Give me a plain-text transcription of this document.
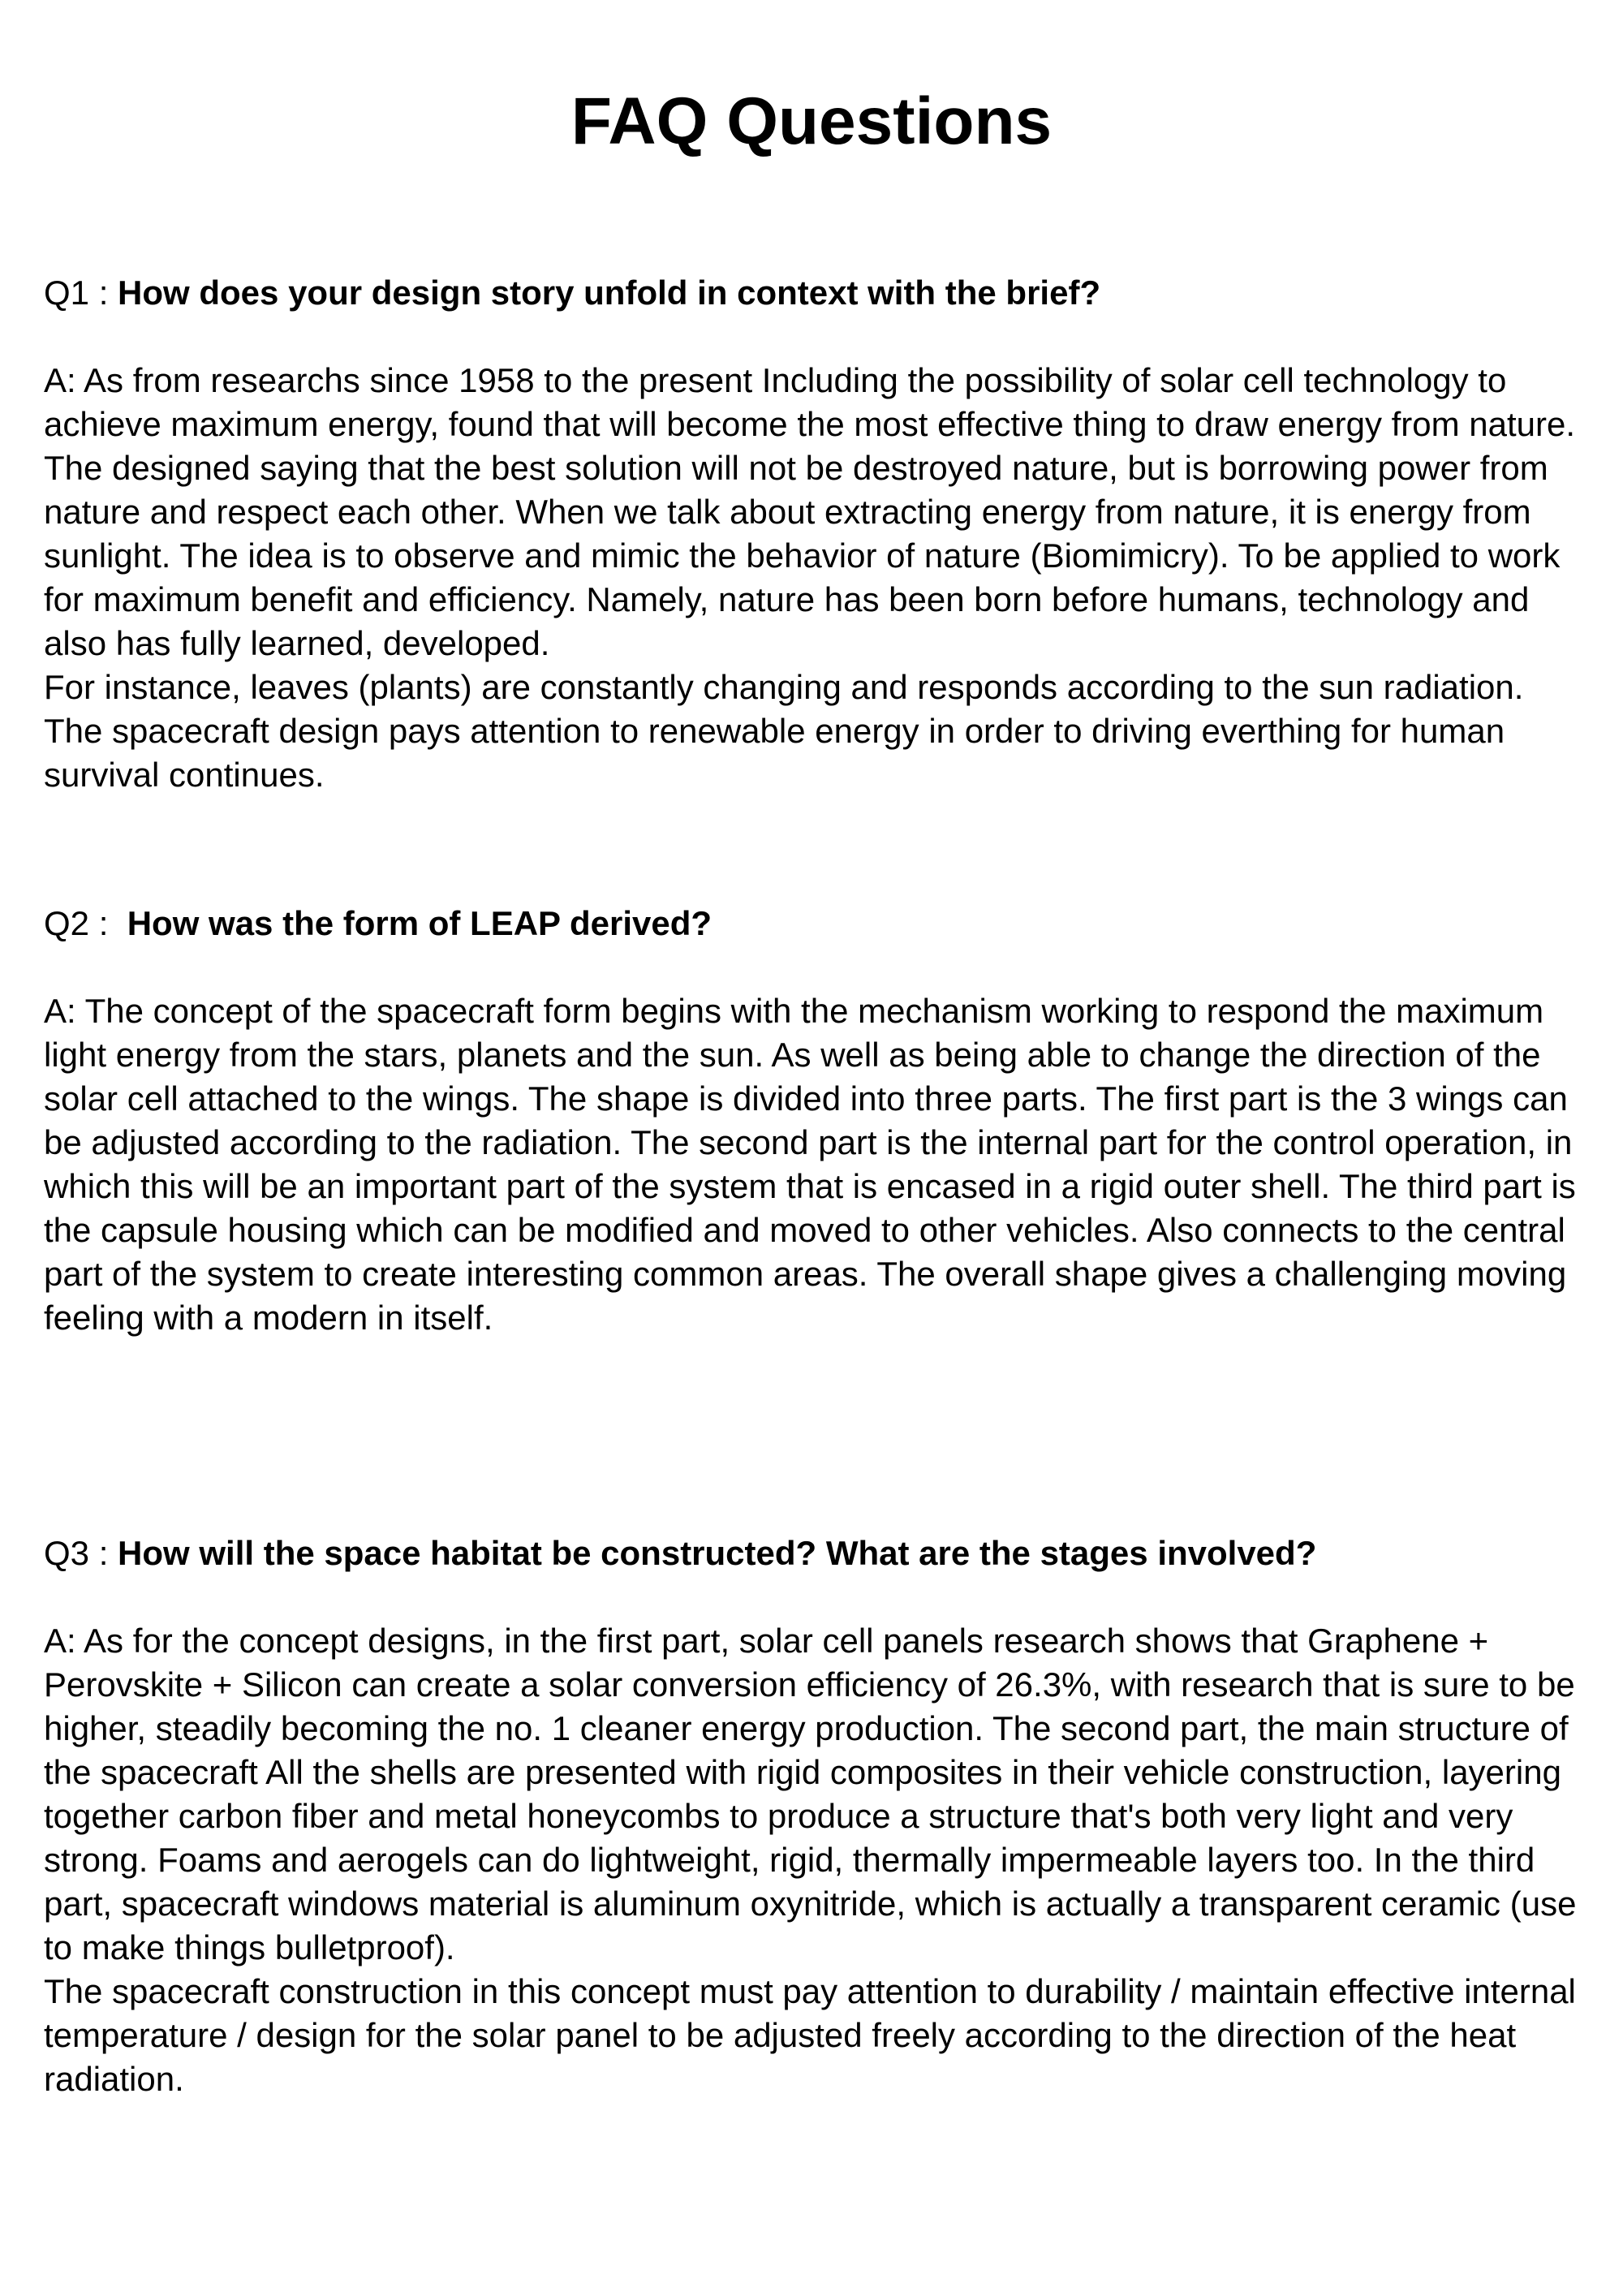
FAQ Questions

Q1 : How does your design story unfold in context with the brief?

A: As from researchs since 1958 to the present Including the possibility of solar cell technology to achieve maximum energy, found that will become the most effective thing to draw energy from nature. The designed saying that the best solution will not be destroyed nature, but is borrowing power from nature and respect each other. When we talk about extracting energy from nature, it is energy from sunlight. The idea is to observe and mimic the behavior of nature (Biomimicry). To be applied to work for maximum benefit and efficiency. Namely, nature has been born before humans, technology and also has fully learned, developed.
For instance, leaves (plants) are constantly changing and responds according to the sun radiation. The spacecraft design pays attention to renewable energy in order to driving everthing for human survival continues.

Q2 :  How was the form of LEAP derived?

A: The concept of the spacecraft form begins with the mechanism working to respond the maximum light energy from the stars, planets and the sun. As well as being able to change the direction of the solar cell attached to the wings. The shape is divided into three parts. The first part is the 3 wings can be adjusted according to the radiation. The second part is the internal part for the control operation, in which this will be an important part of the system that is encased in a rigid outer shell. The third part is the capsule housing which can be modified and moved to other vehicles. Also connects to the central part of the system to create interesting common areas. The overall shape gives a challenging moving feeling with a modern in itself.

Q3 : How will the space habitat be constructed? What are the stages involved?

A: As for the concept designs, in the first part, solar cell panels research shows that Graphene + Perovskite + Silicon can create a solar conversion efficiency of 26.3%, with research that is sure to be higher, steadily becoming the no. 1 cleaner energy production. The second part, the main structure of the spacecraft All the shells are presented with rigid composites in their vehicle construction, layering together carbon fiber and metal honeycombs to produce a structure that's both very light and very strong. Foams and aerogels can do lightweight, rigid, thermally impermeable layers too. In the third part, spacecraft windows material is aluminum oxynitride, which is actually a transparent ceramic (use to make things bulletproof).
The spacecraft construction in this concept must pay attention to durability / maintain effective internal temperature / design for the solar panel to be adjusted freely according to the direction of the heat radiation.
